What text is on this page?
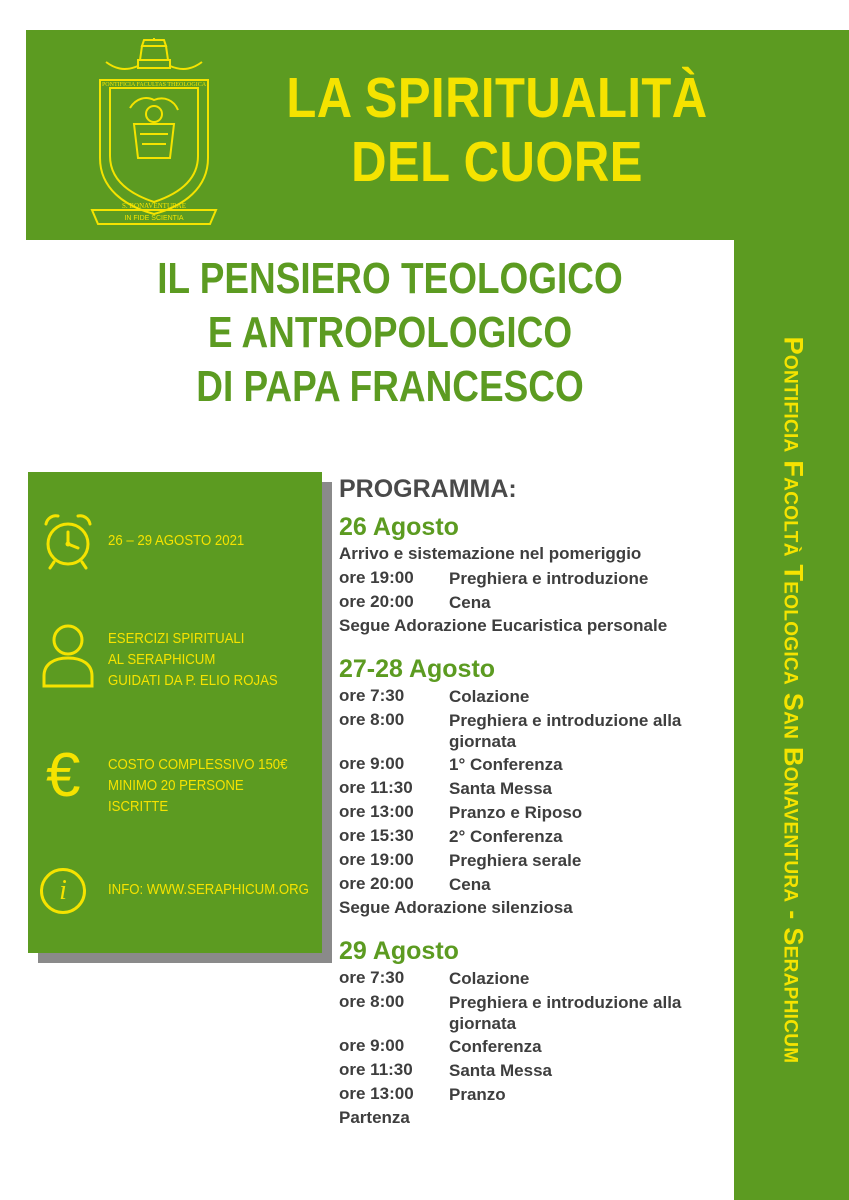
IN FIDE SCIENTIA
PONTIFICIA FACULTAS THEOLOGICA
S. BONAVENTURAE
LA SPIRITUALITÀ
DEL CUORE
IL PENSIERO TEOLOGICO
E ANTROPOLOGICO
DI PAPA FRANCESCO	Pontificia Facoltà Teologica San Bonaventura - Seraphicum
26 – 29 AGOSTO 2021
ESERCIZI SPIRITUALI
AL SERAPHICUM
GUIDATI DA P. ELIO ROJAS
€	COSTO COMPLESSIVO 150€
MINIMO 20 PERSONE
ISCRITTE
i	INFO: WWW.SERAPHICUM.ORG
PROGRAMMA:
26 Agosto
Arrivo e sistemazione nel pomeriggio
ore 19:00	Preghiera e introduzione
ore 20:00	Cena
Segue Adorazione Eucaristica personale
27-28 Agosto
ore 7:30	Colazione
ore 8:00	Preghiera e introduzione alla giornata
ore 9:00	1° Conferenza
ore 11:30	Santa Messa
ore 13:00	Pranzo e Riposo
ore 15:30	2° Conferenza
ore 19:00	Preghiera serale
ore 20:00	Cena
Segue Adorazione silenziosa
29 Agosto
ore 7:30	Colazione
ore 8:00	Preghiera e introduzione alla giornata
ore 9:00	Conferenza
ore 11:30	Santa Messa
ore 13:00	Pranzo
Partenza
